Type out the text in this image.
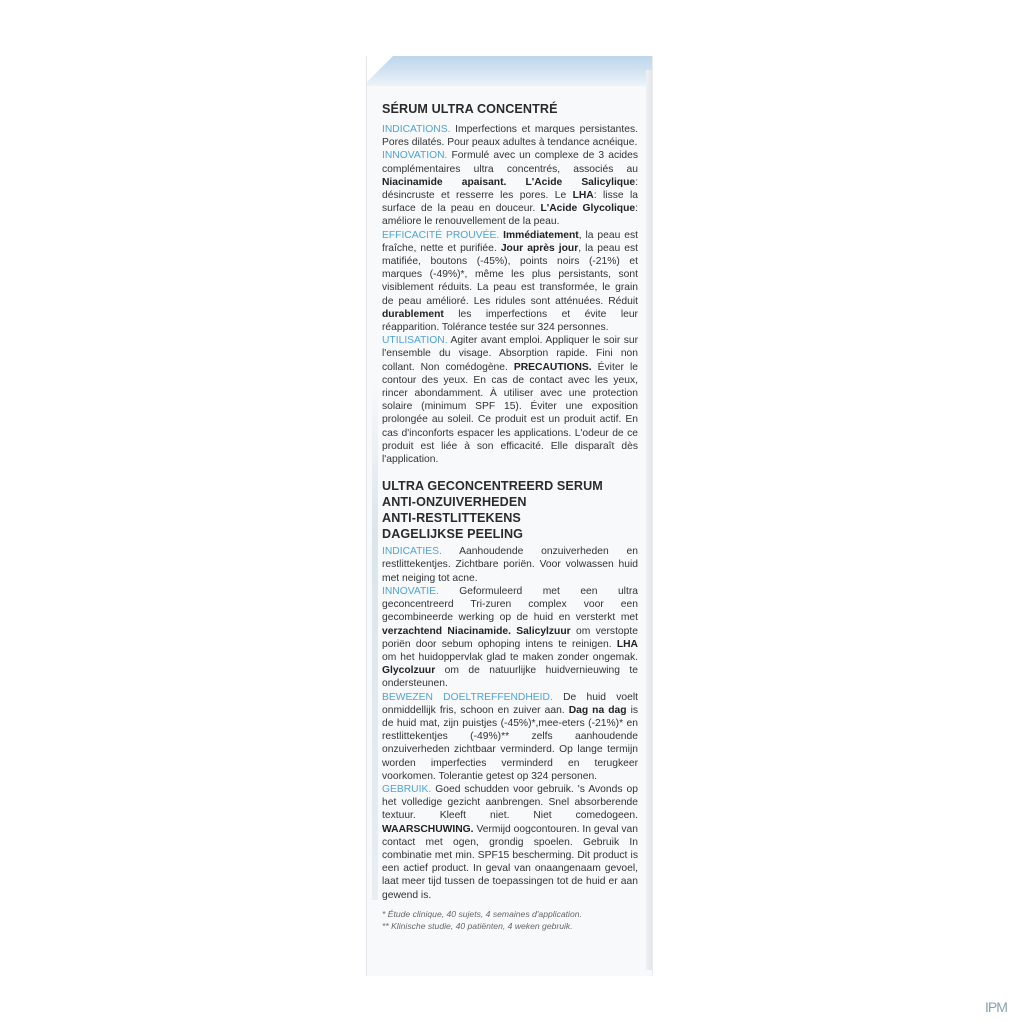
SÉRUM ULTRA CONCENTRÉ

INDICATIONS. Imperfections et marques persistantes. Pores dilatés. Pour peaux adultes à tendance acnéique.

INNOVATION. Formulé avec un complexe de 3 acides complémentaires ultra concentrés, associés au Niacinamide apaisant. L'Acide Salicylique: désincruste et resserre les pores. Le LHA: lisse la surface de la peau en douceur. L'Acide Glycolique: améliore le renouvellement de la peau.

EFFICACITÉ PROUVÉE. Immédiatement, la peau est fraîche, nette et purifiée. Jour après jour, la peau est matifiée, boutons (-45%), points noirs (-21%) et marques (-49%)*, même les plus persistants, sont visiblement réduits. La peau est transformée, le grain de peau amélioré. Les ridules sont atténuées. Réduit durablement les imperfections et évite leur réapparition. Tolérance testée sur 324 personnes.

UTILISATION. Agiter avant emploi. Appliquer le soir sur l'ensemble du visage. Absorption rapide. Fini non collant. Non comédogène. PRECAUTIONS. Éviter le contour des yeux. En cas de contact avec les yeux, rincer abondamment. À utiliser avec une protection solaire (minimum SPF 15). Éviter une exposition prolongée au soleil. Ce produit est un produit actif. En cas d'inconforts espacer les applications. L'odeur de ce produit est liée à son efficacité. Elle disparaît dès l'application.

ULTRA GECONCENTREERD SERUM
ANTI-ONZUIVERHEDEN
ANTI-RESTLITTEKENS
DAGELIJKSE PEELING

INDICATIES. Aanhoudende onzuiverheden en restlittekentjes. Zichtbare poriën. Voor volwassen huid met neiging tot acne.

INNOVATIE. Geformuleerd met een ultra geconcentreerd Tri-zuren complex voor een gecombineerde werking op de huid en versterkt met verzachtend Niacinamide. Salicylzuur om verstopte poriën door sebum ophoping intens te reinigen. LHA om het huidoppervlak glad te maken zonder ongemak. Glycolzuur om de natuurlijke huidvernieuwing te ondersteunen.

BEWEZEN DOELTREFFENDHEID. De huid voelt onmiddellijk fris, schoon en zuiver aan. Dag na dag is de huid mat, zijn puistjes (-45%)*,mee-eters (-21%)* en restlittekentjes (-49%)** zelfs aanhoudende onzuiverheden zichtbaar verminderd. Op lange termijn worden imperfecties verminderd en terugkeer voorkomen. Tolerantie getest op 324 personen.

GEBRUIK. Goed schudden voor gebruik. 's Avonds op het volledige gezicht aanbrengen. Snel absorberende textuur. Kleeft niet. Niet comedogeen. WAARSCHUWING. Vermijd oogcontouren. In geval van contact met ogen, grondig spoelen. Gebruik In combinatie met min. SPF15 bescherming. Dit product is een actief product. In geval van onaangenaam gevoel, laat meer tijd tussen de toepassingen tot de huid er aan gewend is.

* Étude clinique, 40 sujets, 4 semaines d'application.
** Klinische studie, 40 patiënten, 4 weken gebruik.
IPM
